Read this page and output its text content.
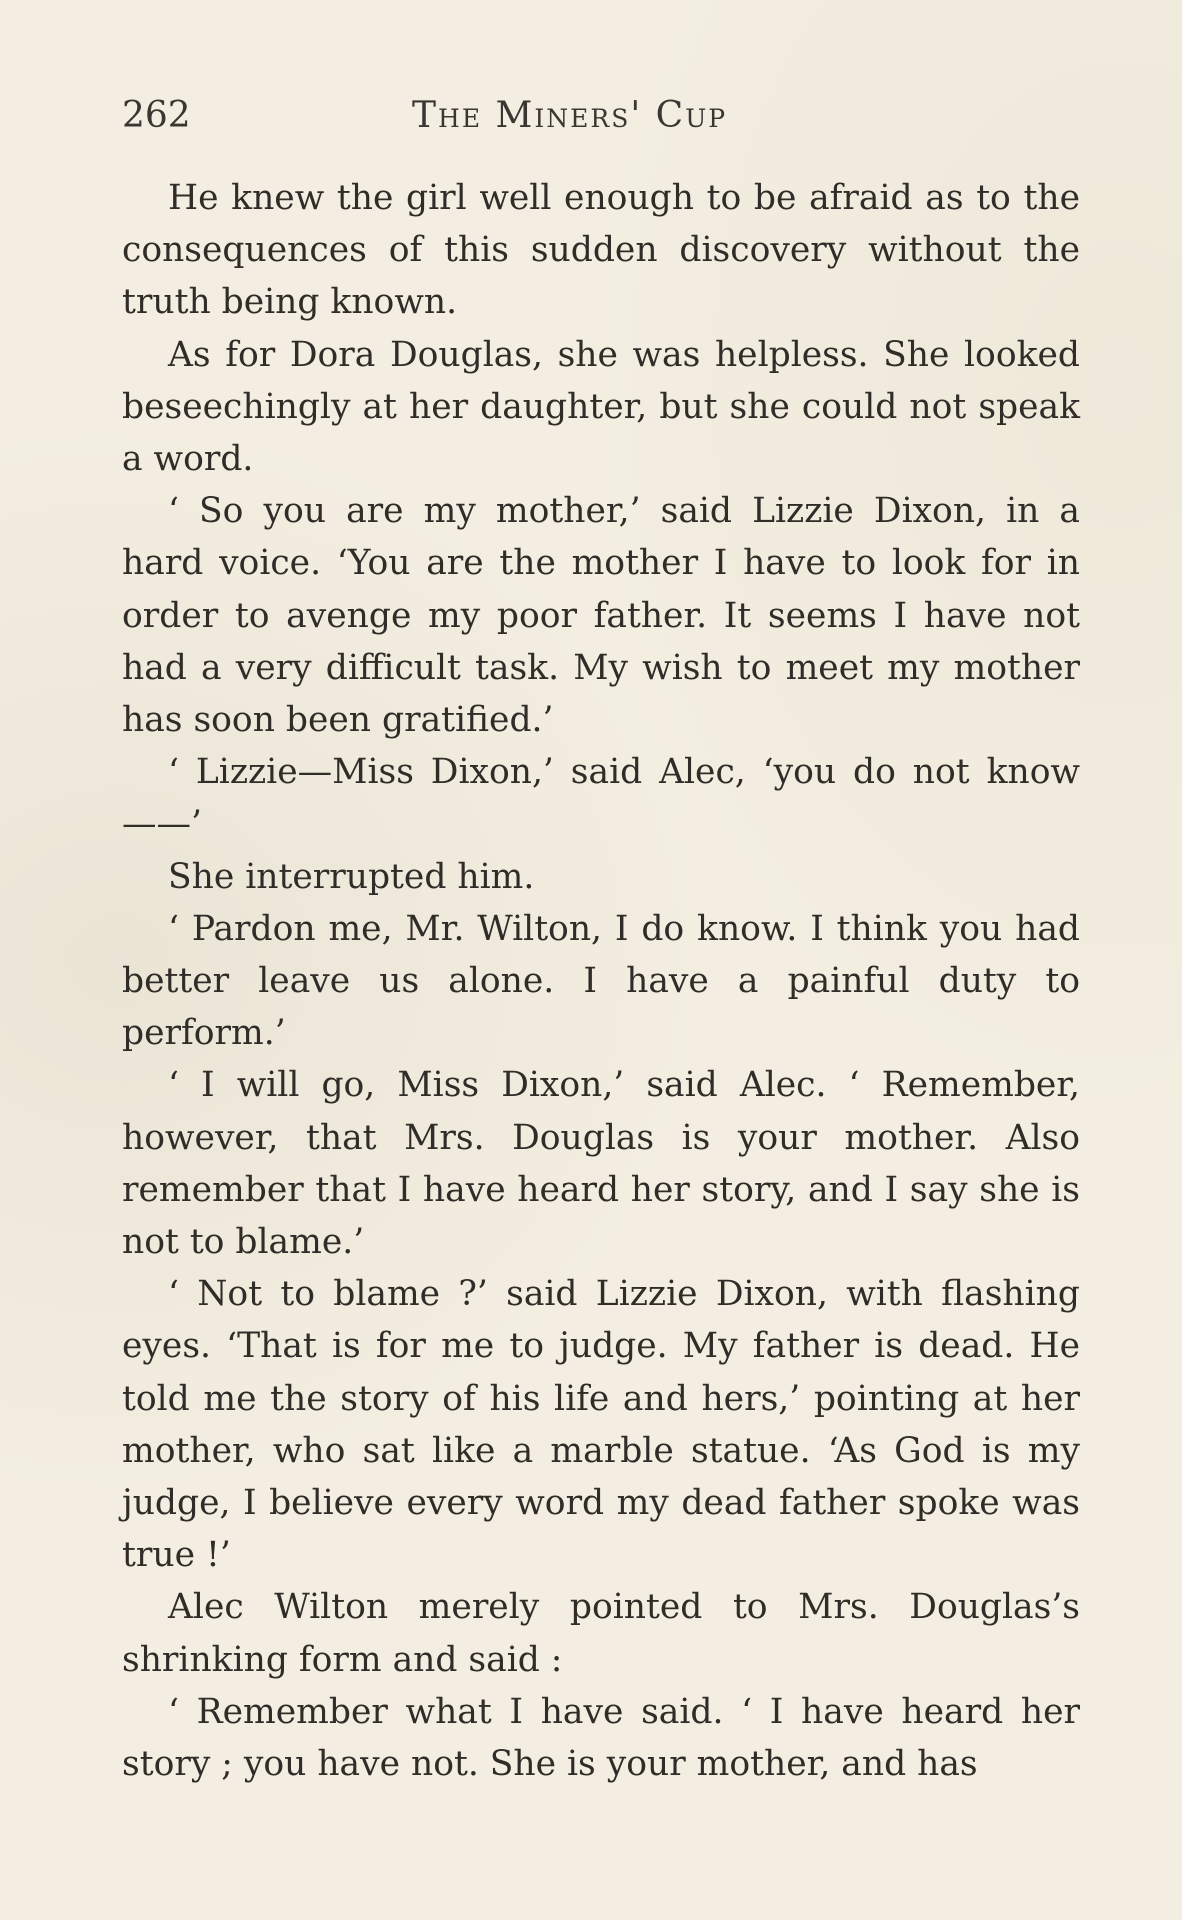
262	The Miners' Cup

He knew the girl well enough to be afraid as to the consequences of this sudden discovery without the truth being known.

As for Dora Douglas, she was helpless. She looked beseechingly at her daughter, but she could not speak a word.

‘ So you are my mother,’ said Lizzie Dixon, in a hard voice. ‘You are the mother I have to look for in order to avenge my poor father. It seems I have not had a very difficult task. My wish to meet my mother has soon been gratified.’

‘ Lizzie—Miss Dixon,’ said Alec, ‘you do not know——’

She interrupted him.

‘ Pardon me, Mr. Wilton, I do know. I think you had better leave us alone. I have a painful duty to perform.’

‘ I will go, Miss Dixon,’ said Alec. ‘ Remember, however, that Mrs. Douglas is your mother. Also remember that I have heard her story, and I say she is not to blame.’

‘ Not to blame ?’ said Lizzie Dixon, with flashing eyes. ‘That is for me to judge. My father is dead. He told me the story of his life and hers,’ pointing at her mother, who sat like a marble statue. ‘As God is my judge, I believe every word my dead father spoke was true !’

Alec Wilton merely pointed to Mrs. Douglas’s shrinking form and said :

‘ Remember what I have said. ‘ I have heard her story ; you have not. She is your mother, and has
